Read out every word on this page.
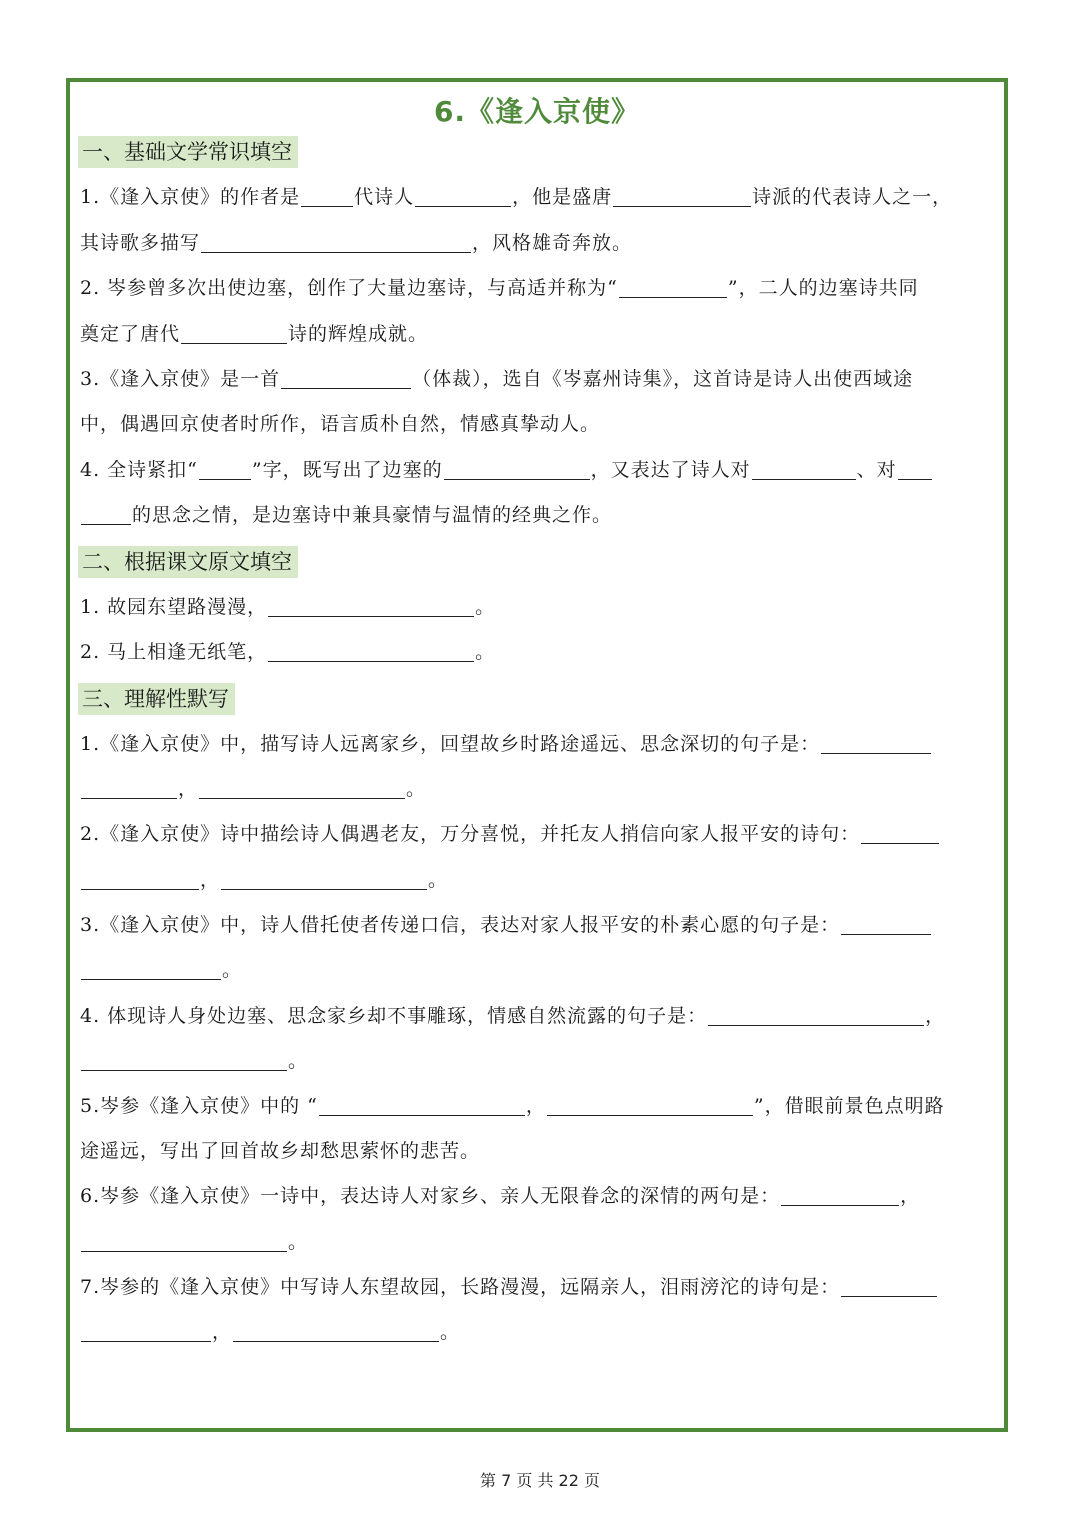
6.《逢入京使》
一、基础文学常识填空
1.《逢入京使》的作者是	代诗人	，他是盛唐	诗派的代表诗人之一，
其诗歌多描写	，风格雄奇奔放。
2. 岑参曾多次出使边塞，创作了大量边塞诗，与高适并称为“	”，二人的边塞诗共同
奠定了唐代	诗的辉煌成就。
3.《逢入京使》是一首	（体裁），选自《岑嘉州诗集》，这首诗是诗人出使西域途
中，偶遇回京使者时所作，语言质朴自然，情感真挚动人。
4. 全诗紧扣“	”字，既写出了边塞的	，又表达了诗人对	、对
的思念之情，是边塞诗中兼具豪情与温情的经典之作。
二、根据课文原文填空
1. 故园东望路漫漫，	。
2. 马上相逢无纸笔，	。
三、理解性默写
1.《逢入京使》中，描写诗人远离家乡，回望故乡时路途遥远、思念深切的句子是：
，	。
2.《逢入京使》诗中描绘诗人偶遇老友，万分喜悦，并托友人捎信向家人报平安的诗句：
，	。
3.《逢入京使》中，诗人借托使者传递口信，表达对家人报平安的朴素心愿的句子是：
。
4. 体现诗人身处边塞、思念家乡却不事雕琢，情感自然流露的句子是：	，
。
5.岑参《逢入京使》中的 “	，	”，借眼前景色点明路
途遥远，写出了回首故乡却愁思萦怀的悲苦。
6.岑参《逢入京使》一诗中，表达诗人对家乡、亲人无限眷念的深情的两句是：	，
。
7.岑参的《逢入京使》中写诗人东望故园，长路漫漫，远隔亲人，泪雨滂沱的诗句是：
，	。
第 7 页 共 22 页
